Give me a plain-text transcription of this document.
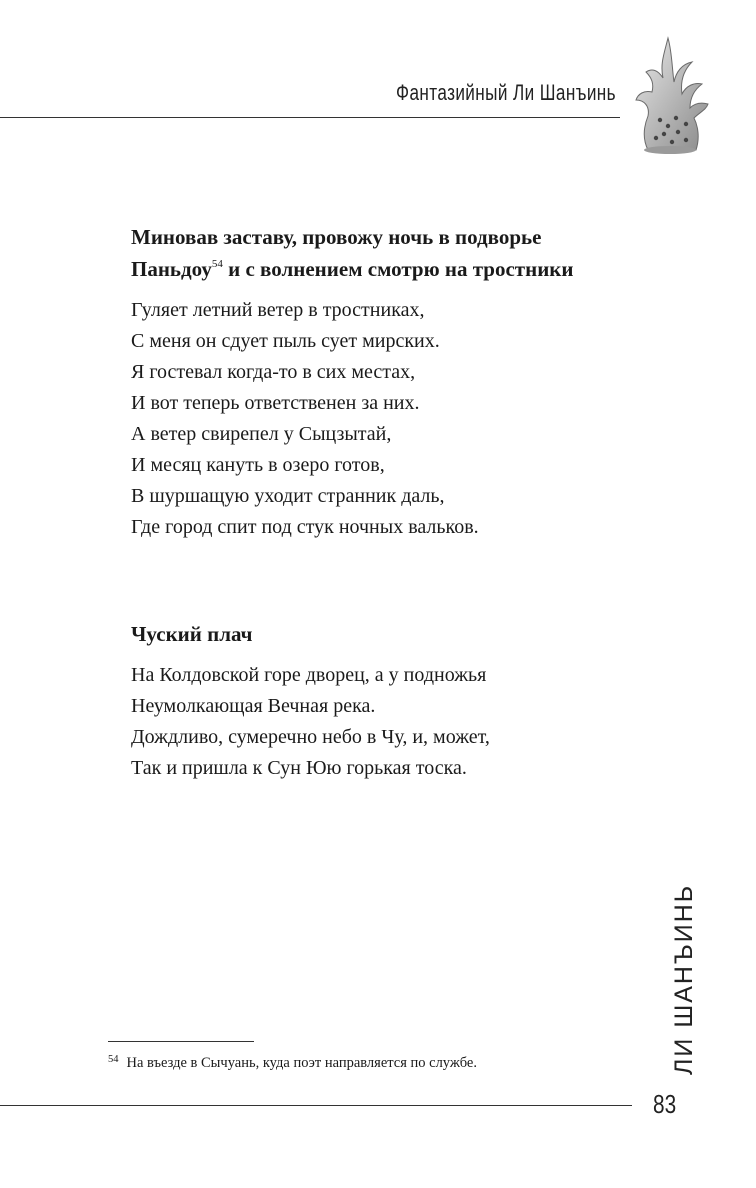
Фантазийный Ли Шанъинь

Миновав заставу, провожу ночь в подворье
Паньдоу$^{54}$ и с волнением смотрю на тростники

Гуляет летний ветер в тростниках,

С меня он сдует пыль сует мирских.

Я гостевал когда-то в сих местах,

И вот теперь ответственен за них.

А ветер свирепел у Сыцзытай,

И месяц кануть в озеро готов,

В шуршащую уходит странник даль,

Где город спит под стук ночных вальков.

Чуский плач

На Колдовской горе дворец, а у подножья

Неумолкающая Вечная река.

Дождливо, сумеречно небо в Чу, и, может,

Так и пришла к Сун Юю горькая тоска.

$^{54}$ На въезде в Сычуань, куда поэт направляется по службе.	ЛИ ШАНЪИНЬ
83
